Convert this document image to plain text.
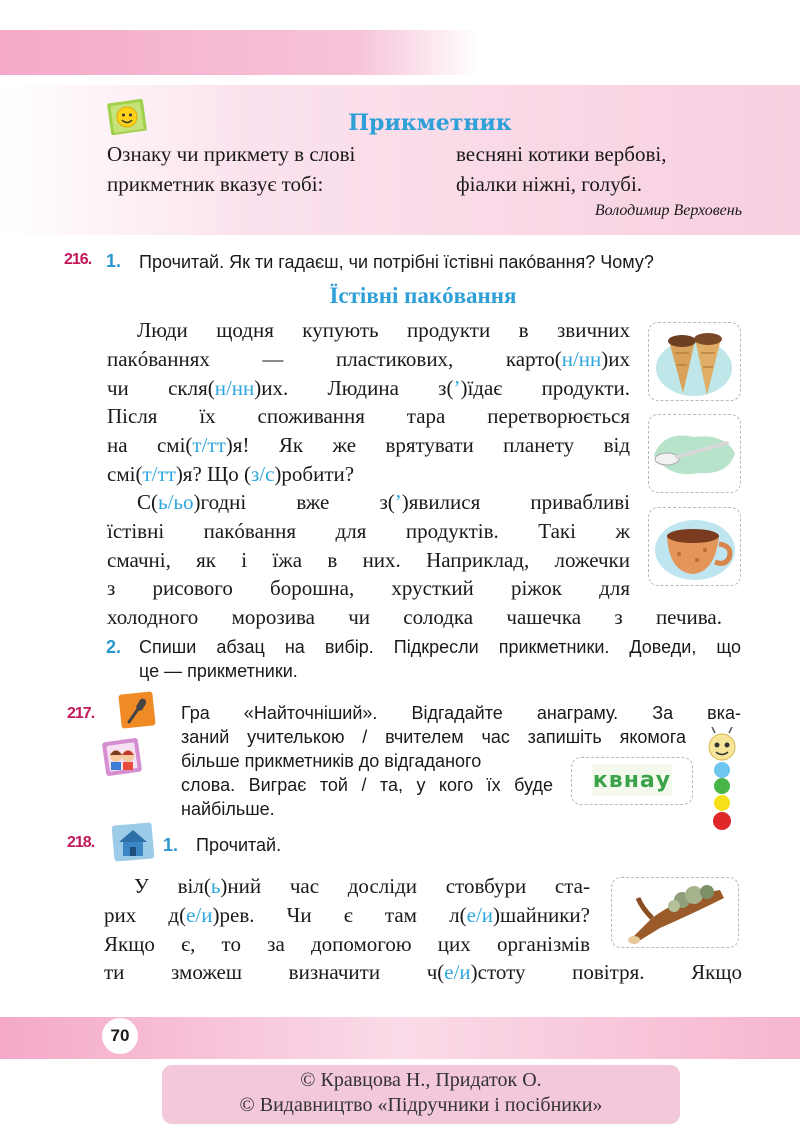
Прикметник
Ознаку чи прикмету в слові
прикметник вказує тобі:
весняні котики вербові,
фіалки ніжні, голубі.
Володимир Верховень
216. 1. Прочитай. Як ти гадаєш, чи потрібні їстівні пакóвання? Чому?
Їстівні пакóвання
Люди щодня купують продукти в звичних
пакóваннях — пластикових, карто(н/нн)их
чи скля(н/нн)их. Людина з(’)їдає продукти.
Після їх споживання тара перетворюється
на смі(т/тт)я! Як же врятувати планету від
смі(т/тт)я? Що (з/с)робити?
С(ь/ьо)годні вже з(’)явилися привабливі
їстівні пакóвання для продуктів. Такі ж
смачні, як і їжа в них. Наприклад, ложечки
з рисового борошна, хрусткий ріжок для
холодного морозива чи солодка чашечка з печива.
2. Спиши абзац на вибір. Підкресли прикметники. Доведи, що
це — прикметники.
217.	Гра «Найточніший». Відгадайте анаграму. За вка-
заний учителькою / вчителем час запишіть якомога
більше прикметників до відгаданого
слова. Виграє той / та, у кого їх буде
найбільше.
квнау
218.	1. Прочитай.
У віл(ь)ний час досліди стовбури ста-
рих д(е/и)рев. Чи є там л(е/и)шайники?
Якщо є, то за допомогою цих організмів
ти зможеш визначити ч(е/и)стоту повітря. Якщо
70
© Кравцова Н., Придаток О.
© Видавництво «Підручники і посібники»
